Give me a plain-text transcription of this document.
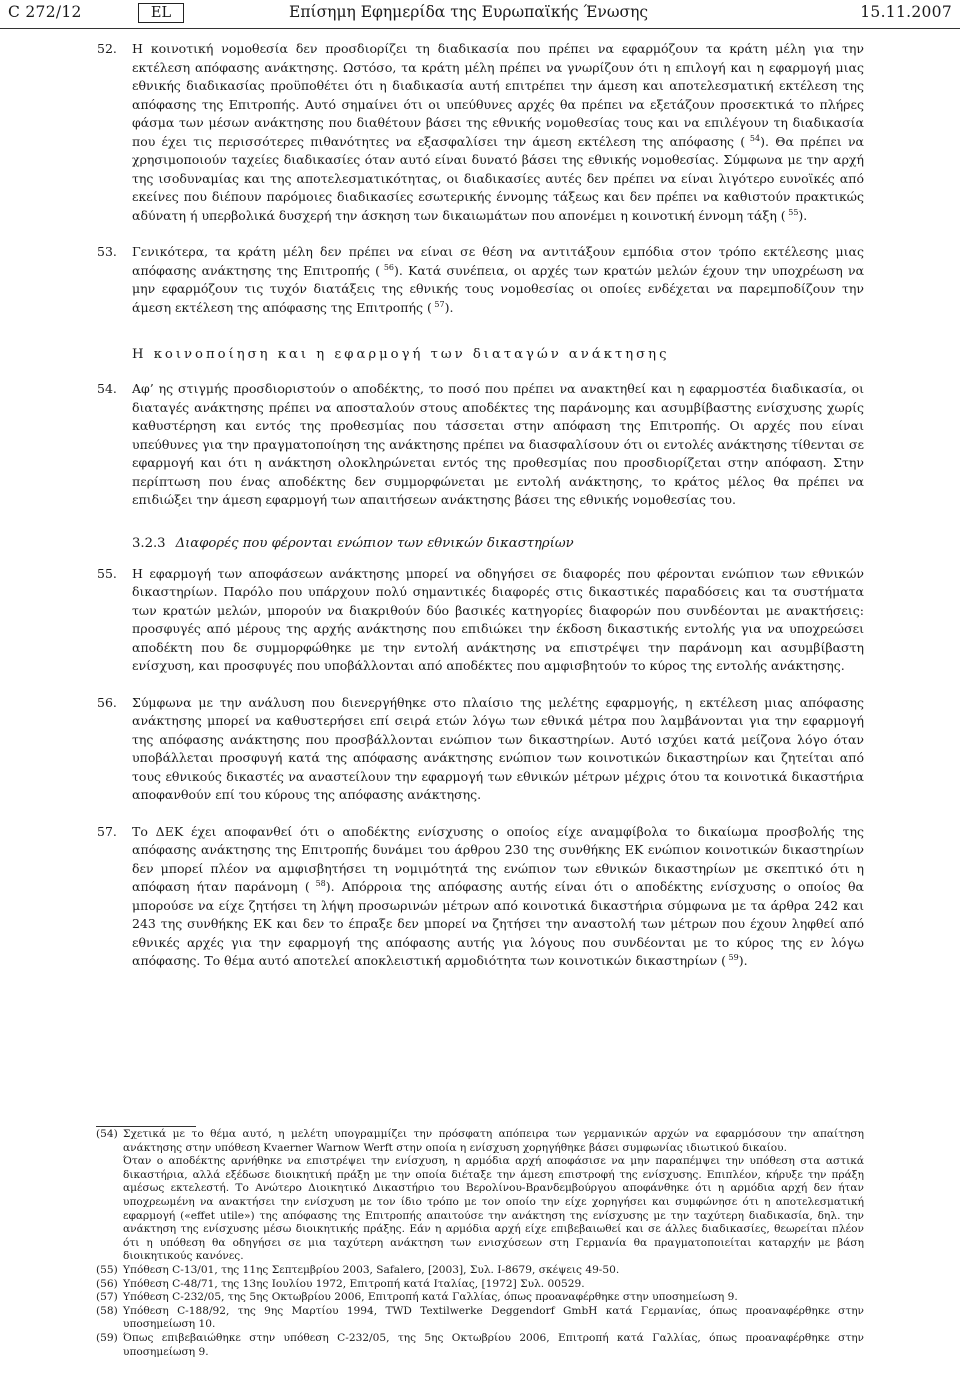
C 272/12	EL	Επίσημη Εφημερίδα της Ευρωπαϊκής Ένωσης	15.11.2007
52. Η κοινοτική νομοθεσία δεν προσδιορίζει τη διαδικασία που πρέπει να εφαρμόζουν τα κράτη μέλη για την εκτέλεση απόφασης ανάκτησης. Ωστόσο, τα κράτη μέλη πρέπει να γνωρίζουν ότι η επιλογή και η εφαρμογή μιας εθνικής διαδικασίας προϋποθέτει ότι η διαδικασία αυτή επιτρέπει την άμεση και αποτελεσματική εκτέλεση της απόφασης της Επιτροπής. Αυτό σημαίνει ότι οι υπεύθυνες αρχές θα πρέπει να εξετάζουν προσεκτικά το πλήρες φάσμα των μέσων ανάκτησης που διαθέτουν βάσει της εθνικής νομοθεσίας τους και να επιλέγουν τη διαδικασία που έχει τις περισσότερες πιθανότητες να εξασφαλίσει την άμεση εκτέλεση της απόφασης ( $^{54}$). Θα πρέπει να χρησιμοποιούν ταχείες διαδικασίες όταν αυτό είναι δυνατό βάσει της εθνικής νομοθεσίας. Σύμφωνα με την αρχή της ισοδυναμίας και της αποτελεσματικότητας, οι διαδικασίες αυτές δεν πρέπει να είναι λιγότερο ευνοϊκές από εκείνες που διέπουν παρόμοιες διαδικασίες εσωτερικής έννομης τάξεως και δεν πρέπει να καθιστούν πρακτικώς αδύνατη ή υπερβολικά δυσχερή την άσκηση των δικαιωμάτων που απονέμει η κοινοτική έννομη τάξη ( $^{55}$).
53. Γενικότερα, τα κράτη μέλη δεν πρέπει να είναι σε θέση να αντιτάξουν εμπόδια στον τρόπο εκτέλεσης μιας απόφασης ανάκτησης της Επιτροπής ( $^{56}$). Κατά συνέπεια, οι αρχές των κρατών μελών έχουν την υποχρέωση να μην εφαρμόζουν τις τυχόν διατάξεις της εθνικής τους νομοθεσίας οι οποίες ενδέχεται να παρεμποδίζουν την άμεση εκτέλεση της απόφασης της Επιτροπής ( $^{57}$).
Η κοινοποίηση και η εφαρμογή των διαταγών ανάκτησης
54. Αφ’ ης στιγμής προσδιοριστούν ο αποδέκτης, το ποσό που πρέπει να ανακτηθεί και η εφαρμοστέα διαδικασία, οι διαταγές ανάκτησης πρέπει να αποσταλούν στους αποδέκτες της παράνομης και ασυμβίβαστης ενίσχυσης χωρίς καθυστέρηση και εντός της προθεσμίας που τάσσεται στην απόφαση της Επιτροπής. Οι αρχές που είναι υπεύθυνες για την πραγματοποίηση της ανάκτησης πρέπει να διασφαλίσουν ότι οι εντολές ανάκτησης τίθενται σε εφαρμογή και ότι η ανάκτηση ολοκληρώνεται εντός της προθεσμίας που προσδιορίζεται στην απόφαση. Στην περίπτωση που ένας αποδέκτης δεν συμμορφώνεται με εντολή ανάκτησης, το κράτος μέλος θα πρέπει να επιδιώξει την άμεση εφαρμογή των απαιτήσεων ανάκτησης βάσει της εθνικής νομοθεσίας του.
3.2.3 Διαφορές που φέρονται ενώπιον των εθνικών δικαστηρίων
55. Η εφαρμογή των αποφάσεων ανάκτησης μπορεί να οδηγήσει σε διαφορές που φέρονται ενώπιον των εθνικών δικαστηρίων. Παρόλο που υπάρχουν πολύ σημαντικές διαφορές στις δικαστικές παραδόσεις και τα συστήματα των κρατών μελών, μπορούν να διακριθούν δύο βασικές κατηγορίες διαφορών που συνδέονται με ανακτήσεις: προσφυγές από μέρους της αρχής ανάκτησης που επιδιώκει την έκδοση δικαστικής εντολής για να υποχρεώσει αποδέκτη που δε συμμορφώθηκε με την εντολή ανάκτησης να επιστρέψει την παράνομη και ασυμβίβαστη ενίσχυση, και προσφυγές που υποβάλλονται από αποδέκτες που αμφισβητούν το κύρος της εντολής ανάκτησης.
56. Σύμφωνα με την ανάλυση που διενεργήθηκε στο πλαίσιο της μελέτης εφαρμογής, η εκτέλεση μιας απόφασης ανάκτησης μπορεί να καθυστερήσει επί σειρά ετών λόγω των εθνικά μέτρα που λαμβάνονται για την εφαρμογή της απόφασης ανάκτησης που προσβάλλονται ενώπιον των δικαστηρίων. Αυτό ισχύει κατά μείζονα λόγο όταν υποβάλλεται προσφυγή κατά της απόφασης ανάκτησης ενώπιον των κοινοτικών δικαστηρίων και ζητείται από τους εθνικούς δικαστές να αναστείλουν την εφαρμογή των εθνικών μέτρων μέχρις ότου τα κοινοτικά δικαστήρια αποφανθούν επί του κύρους της απόφασης ανάκτησης.
57. Το ΔΕΚ έχει αποφανθεί ότι ο αποδέκτης ενίσχυσης ο οποίος είχε αναμφίβολα το δικαίωμα προσβολής της απόφασης ανάκτησης της Επιτροπής δυνάμει του άρθρου 230 της συνθήκης ΕΚ ενώπιον κοινοτικών δικαστηρίων δεν μπορεί πλέον να αμφισβητήσει τη νομιμότητά της ενώπιον των εθνικών δικαστηρίων με σκεπτικό ότι η απόφαση ήταν παράνομη ( $^{58}$). Απόρροια της απόφασης αυτής είναι ότι ο αποδέκτης ενίσχυσης ο οποίος θα μπορούσε να είχε ζητήσει τη λήψη προσωρινών μέτρων από κοινοτικά δικαστήρια σύμφωνα με τα άρθρα 242 και 243 της συνθήκης ΕΚ και δεν το έπραξε δεν μπορεί να ζητήσει την αναστολή των μέτρων που έχουν ληφθεί από εθνικές αρχές για την εφαρμογή της απόφασης αυτής για λόγους που συνδέονται με το κύρος της εν λόγω απόφασης. Το θέμα αυτό αποτελεί αποκλειστική αρμοδιότητα των κοινοτικών δικαστηρίων ( $^{59}$).
(54) Σχετικά με το θέμα αυτό, η μελέτη υπογραμμίζει την πρόσφατη απόπειρα των γερμανικών αρχών να εφαρμόσουν την απαίτηση ανάκτησης στην υπόθεση Kvaerner Warnow Werft στην οποία η ενίσχυση χορηγήθηκε βάσει συμφωνίας ιδιωτικού δικαίου.
Όταν ο αποδέκτης αρνήθηκε να επιστρέψει την ενίσχυση, η αρμόδια αρχή αποφάσισε να μην παραπέμψει την υπόθεση στα αστικά δικαστήρια, αλλά εξέδωσε διοικητική πράξη με την οποία διέταξε την άμεση επιστροφή της ενίσχυσης. Επιπλέον, κήρυξε την πράξη αμέσως εκτελεστή. Το Ανώτερο Διοικητικό Δικαστήριο του Βερολίνου-Βρανδεμβούργου αποφάνθηκε ότι η αρμόδια αρχή δεν ήταν υποχρεωμένη να ανακτήσει την ενίσχυση με τον ίδιο τρόπο με τον οποίο την είχε χορηγήσει και συμφώνησε ότι η αποτελεσματική εφαρμογή («effet utile») της απόφασης της Επιτροπής απαιτούσε την ανάκτηση της ενίσχυσης με την ταχύτερη διαδικασία, δηλ. την ανάκτηση της ενίσχυσης μέσω διοικητικής πράξης. Εάν η αρμόδια αρχή είχε επιβεβαιωθεί και σε άλλες διαδικασίες, θεωρείται πλέον ότι η υπόθεση θα οδηγήσει σε μια ταχύτερη ανάκτηση των ενισχύσεων στη Γερμανία θα πραγματοποιείται καταρχήν με βάση διοικητικούς κανόνες.
(55) Υπόθεση C-13/01, της 11ης Σεπτεμβρίου 2003, Safalero, [2003], Συλ. I-8679, σκέψεις 49-50.
(56) Υπόθεση C-48/71, της 13ης Ιουλίου 1972, Επιτροπή κατά Ιταλίας, [1972] Συλ. 00529.
(57) Υπόθεση C-232/05, της 5ης Οκτωβρίου 2006, Επιτροπή κατά Γαλλίας, όπως προαναφέρθηκε στην υποσημείωση 9.
(58) Υπόθεση C-188/92, της 9ης Μαρτίου 1994, TWD Textilwerke Deggendorf GmbH κατά Γερμανίας, όπως προαναφέρθηκε στην υποσημείωση 10.
(59) Όπως επιβεβαιώθηκε στην υπόθεση C-232/05, της 5ης Οκτωβρίου 2006, Επιτροπή κατά Γαλλίας, όπως προαναφέρθηκε στην υποσημείωση 9.
